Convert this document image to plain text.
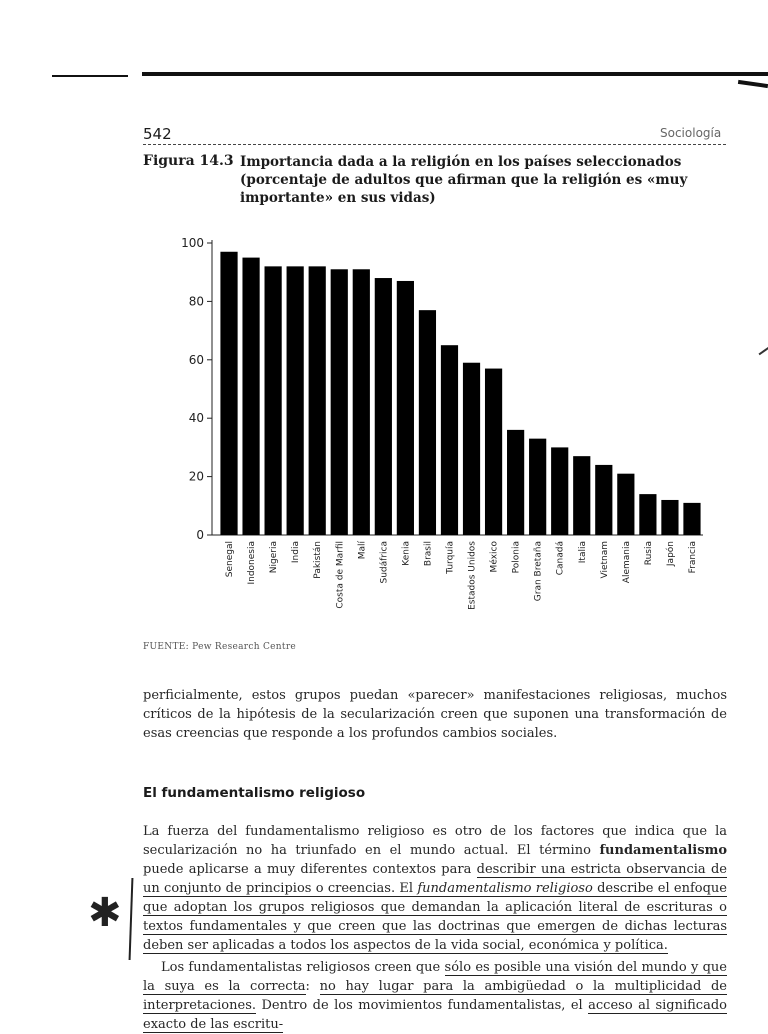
542	Sociología
Figura 14.3 Importancia dada a la religión en los países seleccionados (porcentaje de adultos que afirman que la religión es «muy importante» en sus vidas)
0
20
40
60
80
100
Senegal Indonesia Nigeria India Pakistán Costa de Marfil Malí Sudáfrica Kenia Brasil Turquía Estados Unidos México Polonia Gran Bretaña Canadá Italia Vietnam Alemania Rusia Japón Francia
FUENTE: Pew Research Centre
perficialmente, estos grupos puedan «parecer» manifestaciones religiosas, muchos críticos de la hipótesis de la secularización creen que suponen una transformación de esas creencias que responde a los profundos cambios sociales.
El fundamentalismo religioso
La fuerza del fundamentalismo religioso es otro de los factores que indica que la secularización no ha triunfado en el mundo actual. El término fundamentalismo puede aplicarse a muy diferentes contextos para describir una estricta observancia de un conjunto de principios o creencias. El fundamentalismo religioso describe el enfoque que adoptan los grupos religiosos que demandan la aplicación literal de escrituras o textos fundamentales y que creen que las doctrinas que emergen de dichas lecturas deben ser aplicadas a todos los aspectos de la vida social, económica y política.
Los fundamentalistas religiosos creen que sólo es posible una visión del mundo y que la suya es la correcta: no hay lugar para la ambigüedad o la multiplicidad de interpretaciones. Dentro de los movimientos fundamentalistas, el acceso al significado exacto de las escritu-
✱
